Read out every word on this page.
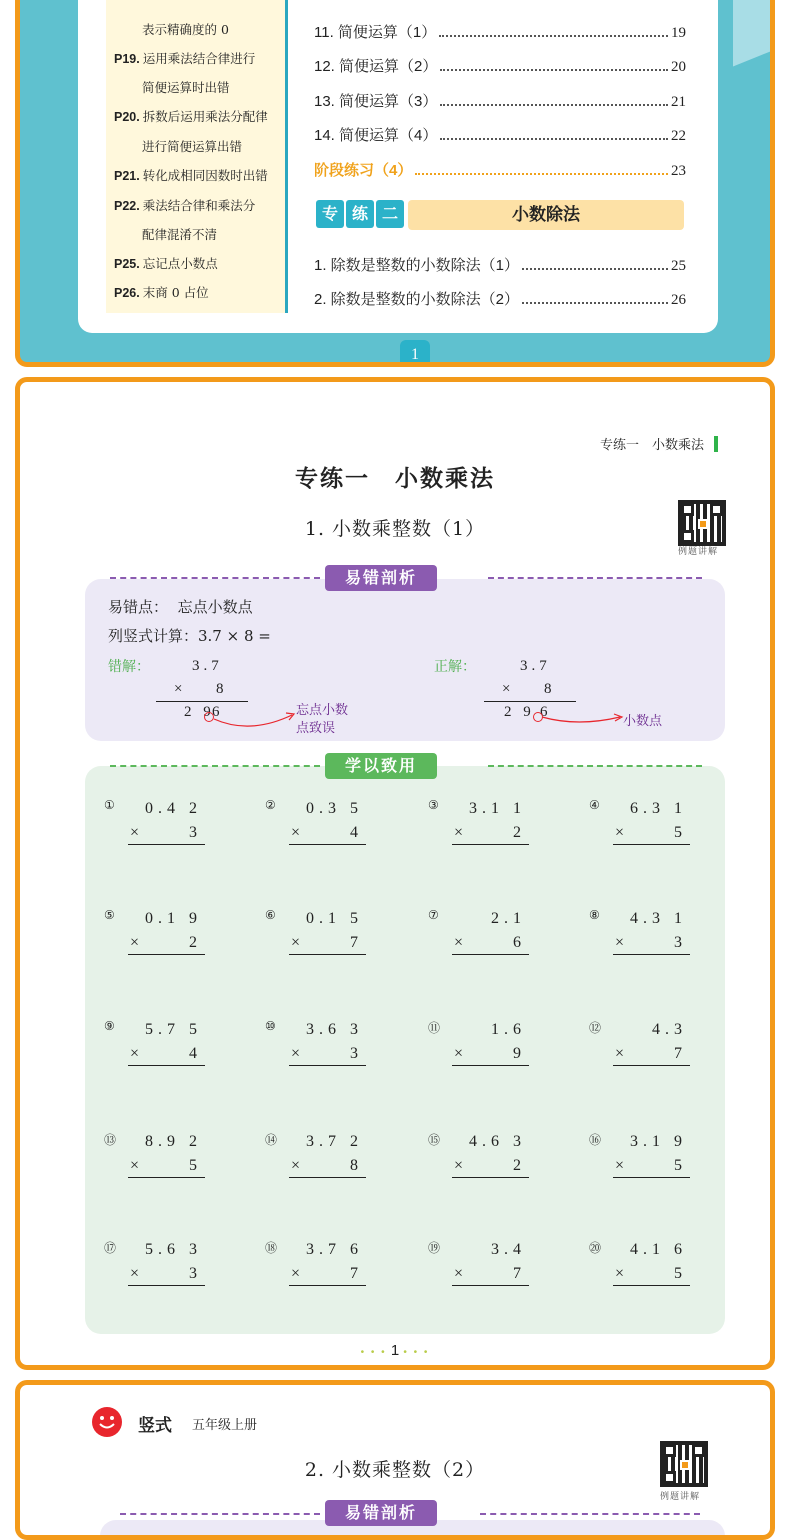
表示精确度的 0
P19. 运用乘法结合律进行
简便运算时出错
P20. 拆数后运用乘法分配律
进行简便运算出错
P21. 转化成相同因数时出错
P22. 乘法结合律和乘法分
配律混淆不清
P25. 忘记点小数点
P26. 末商 0 占位
11. 简便运算（1）	19
12. 简便运算（2）	20
13. 简便运算（3）	21
14. 简便运算（4）	22
阶段练习（4）	23
专 练 二	小数除法
1. 除数是整数的小数除法（1）	25
2. 除数是整数的小数除法（2）	26
1
专练一　小数乘法
专练一　小数乘法
1. 小数乘整数（1）
例题讲解
易错剖析
易错点： 忘点小数点
列竖式计算：3.7 × 8 =
错解：	3.7
× 8
2 9
6	忘点小数
点致误
正解：	3.7
× 8
2 9 6
小数点
学以致用
①	0.4 2
×	3
②	0.3 5
×	4
③	3.1 1
×	2
④	6.3 1
×	5
⑤	0.1 9
×	2
⑥	0.1 5
×	7
⑦	2.1
×	6
⑧	4.3 1
×	3
⑨	5.7 5
×	4
⑩	3.6 3
×	3
⑪	1.6
×	9
⑫	4.3
×	7
⑬	8.9 2
×	5
⑭	3.7 2
×	8
⑮	4.6 3
×	2
⑯	3.1 9
×	5
⑰	5.6 3
×	3
⑱	3.7 6
×	7
⑲	3.4
×	7
⑳	4.1 6
×	5
• • • 1 • • •
竖式 五年级上册
2. 小数乘整数（2）
例题讲解
易错剖析
